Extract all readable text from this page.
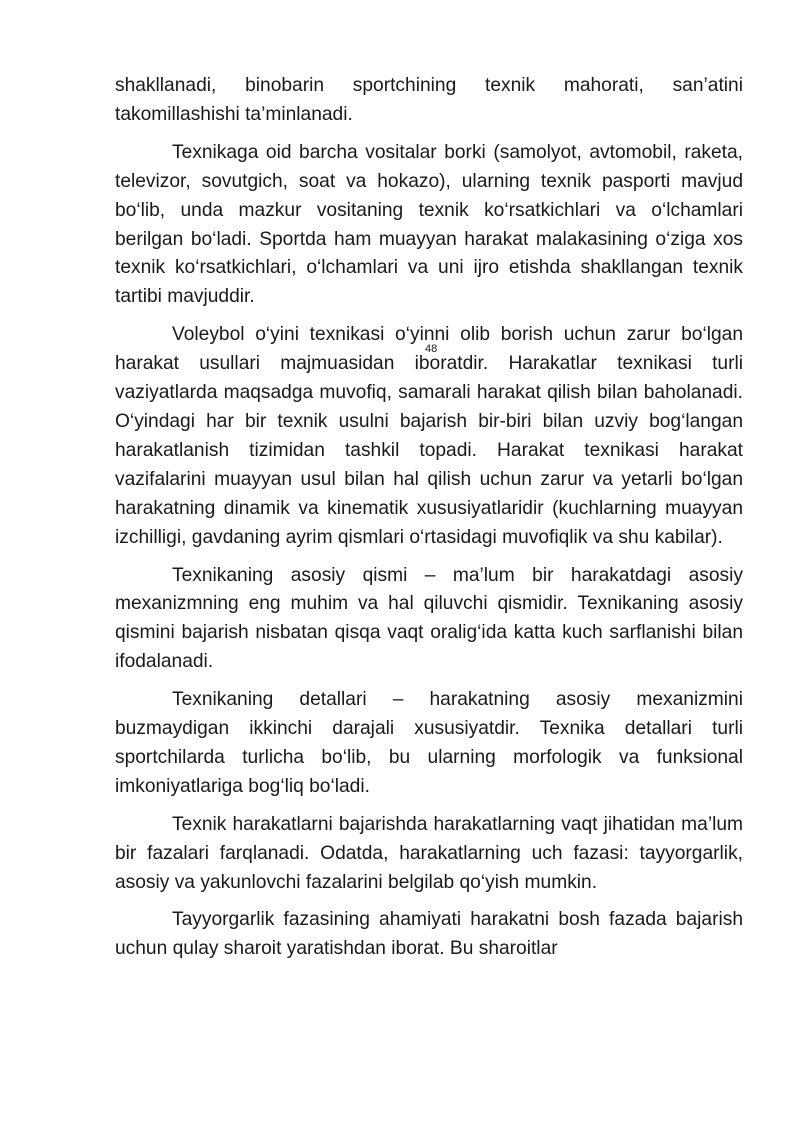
shakllanadi, binobarin sportchining texnik mahorati, san’atini takomillashishi ta’minlanadi.

Texnikaga oid barcha vositalar borki (samolyot, avtomobil, raketa, televizor, sovutgich, soat va hokazo), ularning texnik pasporti mavjud bo‘lib, unda mazkur vositaning texnik ko‘rsatkichlari va o‘lchamlari berilgan bo‘ladi. Sportda ham muayyan harakat malakasining o‘ziga xos texnik ko‘rsatkichlari, o‘lchamlari va uni ijro etishda shakllangan texnik tartibi mavjuddir.

Voleybol o‘yini texnikasi o‘yinni olib borish uchun zarur bo‘lgan harakat usullari majmuasidan iboratdir. Harakatlar texnikasi turli vaziyatlarda maqsadga muvofiq, samarali harakat qilish bilan baholanadi. O‘yindagi har bir texnik usulni bajarish bir-biri bilan uzviy bog‘langan harakatlanish tizimidan tashkil topadi. Harakat texnikasi harakat vazifalarini muayyan usul bilan hal qilish uchun zarur va yetarli bo‘lgan harakatning dinamik va kinematik xususiyatlaridir (kuchlarning muayyan izchilligi, gavdaning ayrim qismlari o‘rtasidagi muvofiqlik va shu kabilar).

Texnikaning asosiy qismi – ma’lum bir harakatdagi asosiy mexanizmning eng muhim va hal qiluvchi qismidir. Texnikaning asosiy qismini bajarish nisbatan qisqa vaqt oralig‘ida katta kuch sarflanishi bilan ifodalanadi.

Texnikaning detallari – harakatning asosiy mexanizmini buzmaydigan ikkinchi darajali xususiyatdir. Texnika detallari turli sportchilarda turlicha bo‘lib, bu ularning morfologik va funksional imkoniyatlariga bog‘liq bo‘ladi.

Texnik harakatlarni bajarishda harakatlarning vaqt jihatidan ma’lum bir fazalari farqlanadi. Odatda, harakatlarning uch fazasi: tayyorgarlik, asosiy va yakunlovchi fazalarini belgilab qo‘yish mumkin.

Tayyorgarlik fazasining ahamiyati harakatni bosh fazada bajarish uchun qulay sharoit yaratishdan iborat. Bu sharoitlar

48
